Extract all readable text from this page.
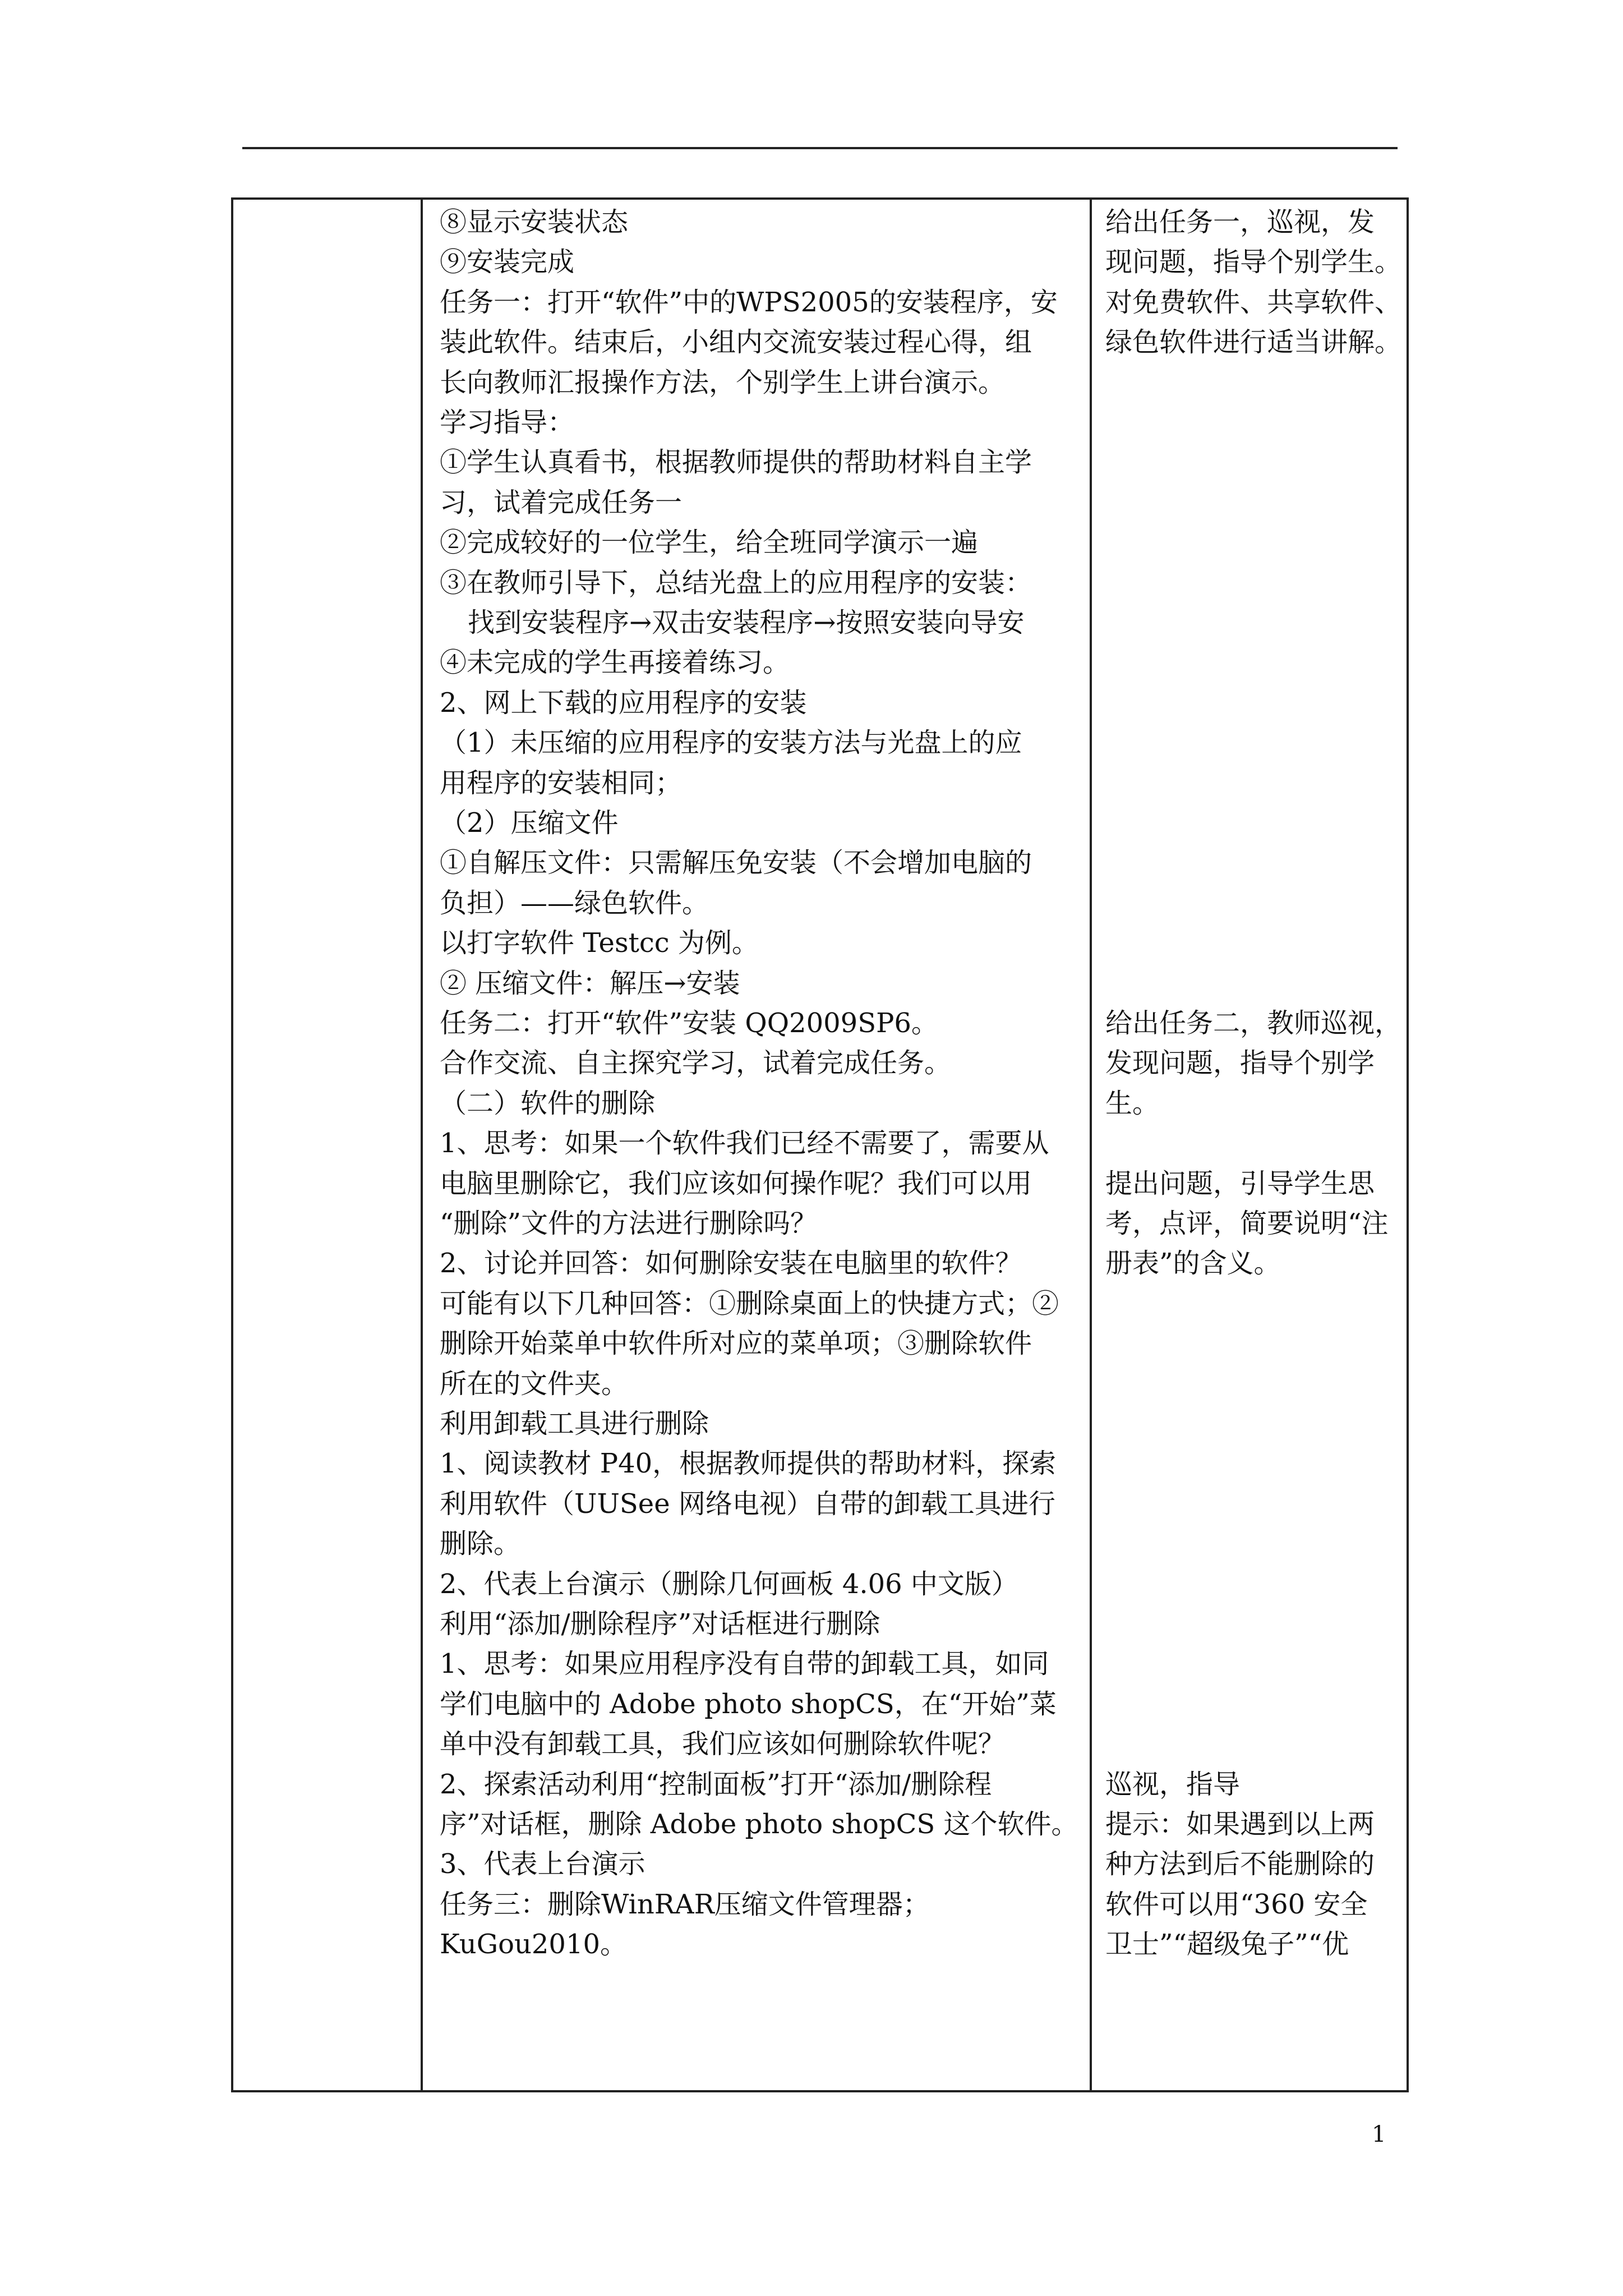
⑧显示安装状态
⑨安装完成
任务一：打开“软件”中的WPS2005的安装程序，安
装此软件。结束后，小组内交流安装过程心得，组
长向教师汇报操作方法，个别学生上讲台演示。
学习指导：
①学生认真看书，根据教师提供的帮助材料自主学
习，试着完成任务一
②完成较好的一位学生，给全班同学演示一遍
③在教师引导下，总结光盘上的应用程序的安装：
找到安装程序→双击安装程序→按照安装向导安
④未完成的学生再接着练习。
2、网上下载的应用程序的安装
（1）未压缩的应用程序的安装方法与光盘上的应
用程序的安装相同；
（2）压缩文件
①自解压文件：只需解压免安装（不会增加电脑的
负担）——绿色软件。
以打字软件 Testcc 为例。
② 压缩文件：解压→安装
任务二：打开“软件”安装 QQ2009SP6。
合作交流、自主探究学习，试着完成任务。
（二）软件的删除
1、思考：如果一个软件我们已经不需要了，需要从
电脑里删除它，我们应该如何操作呢？我们可以用
“删除”文件的方法进行删除吗？
2、讨论并回答：如何删除安装在电脑里的软件？
可能有以下几种回答：①删除桌面上的快捷方式；②
删除开始菜单中软件所对应的菜单项；③删除软件
所在的文件夹。
利用卸载工具进行删除
1、阅读教材 P40，根据教师提供的帮助材料，探索
利用软件（UUSee 网络电视）自带的卸载工具进行
删除。
2、代表上台演示（删除几何画板 4.06 中文版）
利用“添加/删除程序”对话框进行删除
1、思考：如果应用程序没有自带的卸载工具，如同
学们电脑中的 Adobe photo shopCS，在“开始”菜
单中没有卸载工具，我们应该如何删除软件呢？
2、探索活动利用“控制面板”打开“添加/删除程
序”对话框，删除 Adobe photo shopCS 这个软件。
3、代表上台演示
任务三：删除WinRAR压缩文件管理器；
KuGou2010。
给出任务一，巡视，发
现问题，指导个别学生。
对免费软件、共享软件、
绿色软件进行适当讲解。
给出任务二，教师巡视，
发现问题，指导个别学
生。
提出问题，引导学生思
考，点评，简要说明“注
册表”的含义。
巡视，指导
提示：如果遇到以上两
种方法到后不能删除的
软件可以用“360 安全
卫士”“超级兔子”“优
1
